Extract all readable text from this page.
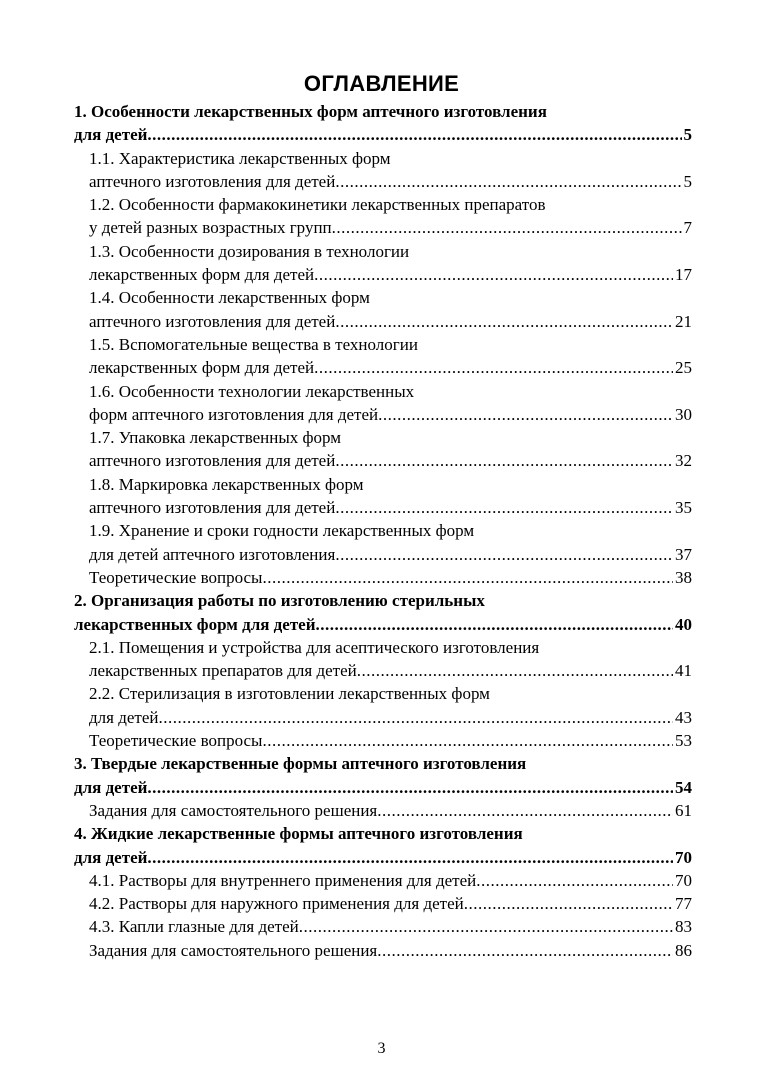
ОГЛАВЛЕНИЕ
1. Особенности лекарственных форм аптечного изготовления
для детей .....	5
1.1. Характеристика лекарственных форм
аптечного изготовления для детей .....	5
1.2. Особенности фармакокинетики лекарственных препаратов
у детей разных возрастных групп .....	7
1.3. Особенности дозирования в технологии
лекарственных форм для детей .....	17
1.4. Особенности лекарственных форм
аптечного изготовления для детей .....	21
1.5. Вспомогательные вещества в технологии
лекарственных форм для детей .....	25
1.6. Особенности технологии лекарственных
форм аптечного изготовления для детей .....	30
1.7. Упаковка лекарственных форм
аптечного изготовления для детей .....	32
1.8. Маркировка лекарственных форм
аптечного изготовления для детей .....	35
1.9. Хранение и сроки годности лекарственных форм
для детей аптечного изготовления .....	37
Теоретические вопросы .....	38
2. Организация работы по изготовлению стерильных
лекарственных форм для детей .....	40
2.1. Помещения и устройства для асептического изготовления
лекарственных препаратов для детей .....	41
2.2. Стерилизация в изготовлении лекарственных форм
для детей .....	43
Теоретические вопросы .....	53
3. Твердые лекарственные формы аптечного изготовления
для детей .....	54
Задания для самостоятельного решения .....	61
4. Жидкие лекарственные формы аптечного изготовления
для детей .....	70
4.1. Растворы для внутреннего применения для детей .....	70
4.2. Растворы для наружного применения для детей .....	77
4.3. Капли глазные для детей .....	83
Задания для самостоятельного решения .....	86
3
